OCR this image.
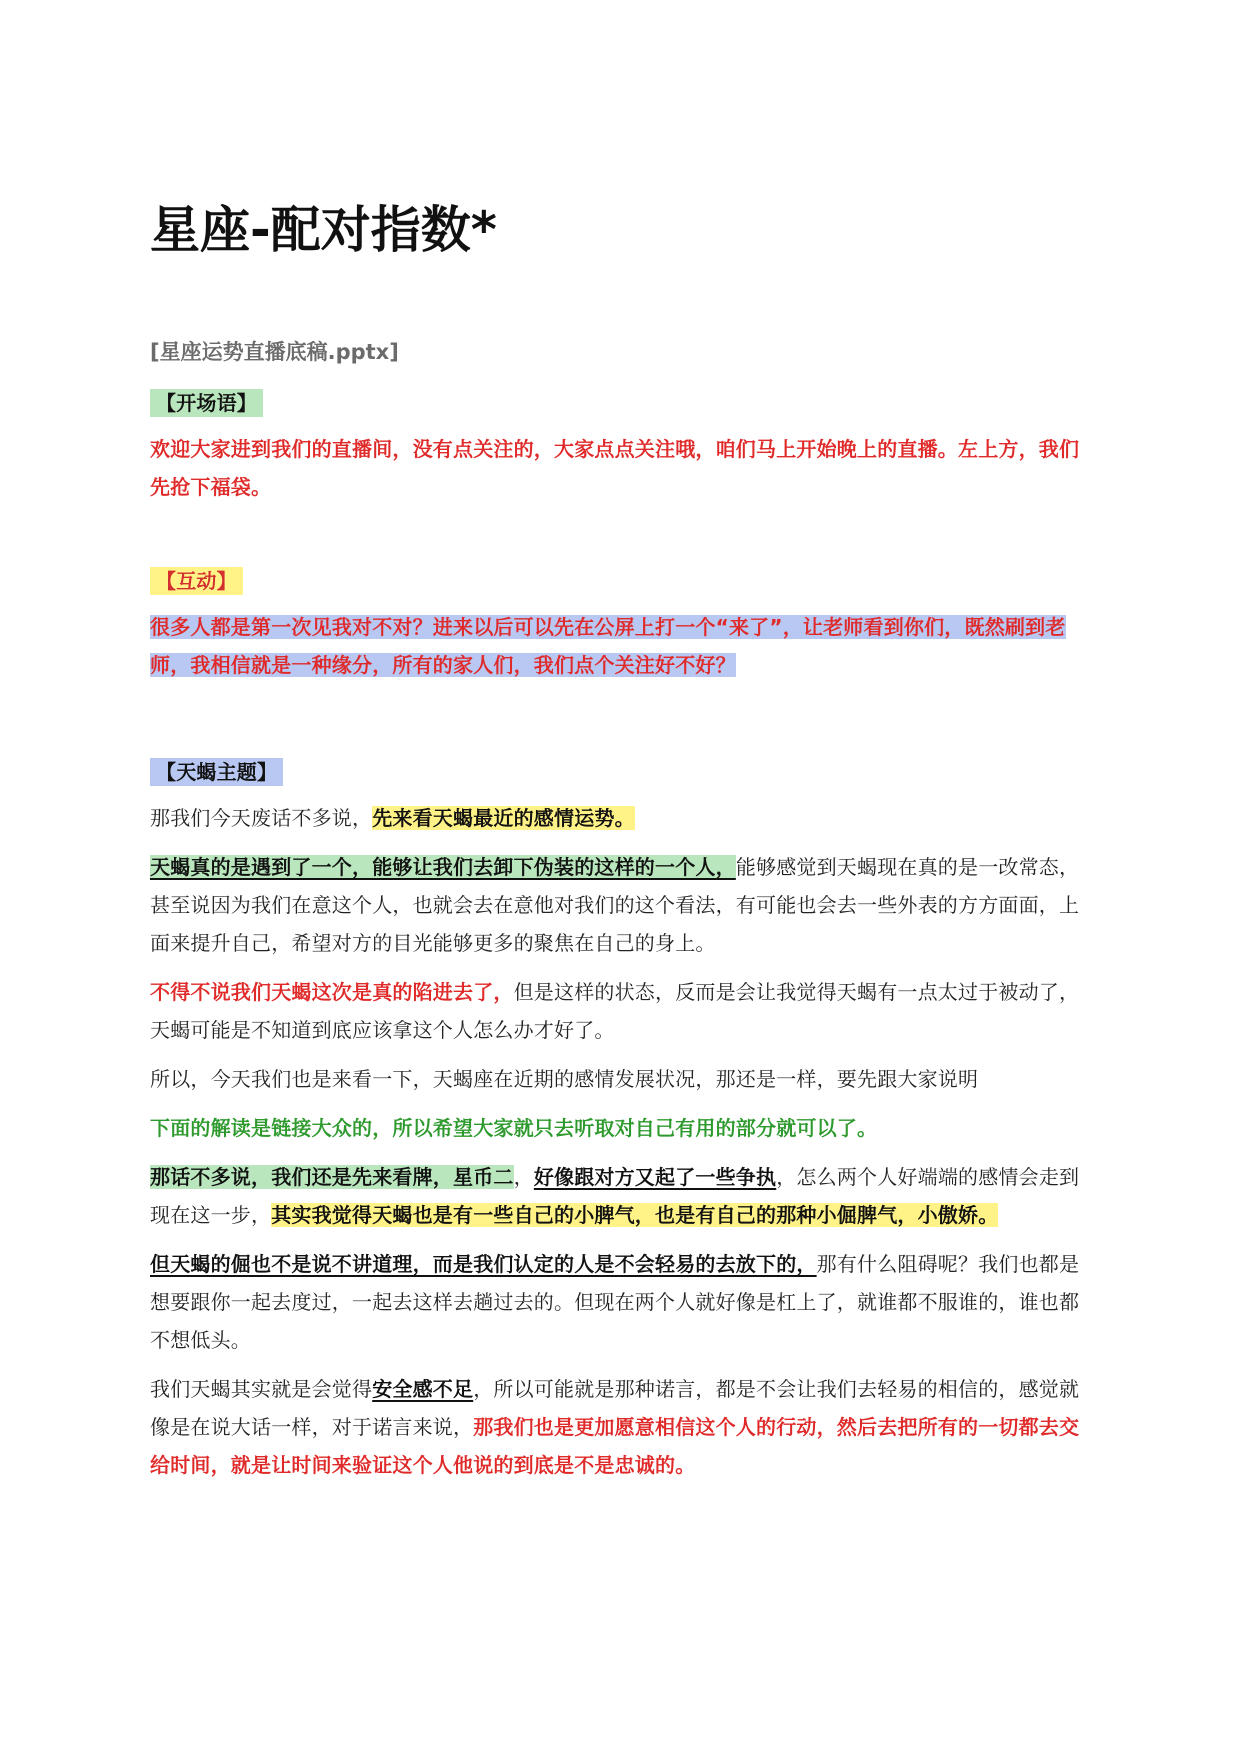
星座-配对指数*
[星座运势直播底稿.pptx]

【开场语】

欢迎大家进到我们的直播间，没有点关注的，大家点点关注哦，咱们马上开始晚上的直播。左上方，我们先抢下福袋。

【互动】

很多人都是第一次见我对不对？进来以后可以先在公屏上打一个“来了”，让老师看到你们，既然刷到老师，我相信就是一种缘分，所有的家人们，我们点个关注好不好？

【天蝎主题】

那我们今天废话不多说，先来看天蝎最近的感情运势。

天蝎真的是遇到了一个，能够让我们去卸下伪装的这样的一个人，能够感觉到天蝎现在真的是一改常态，甚至说因为我们在意这个人，也就会去在意他对我们的这个看法，有可能也会去一些外表的方方面面，上面来提升自己，希望对方的目光能够更多的聚焦在自己的身上。

不得不说我们天蝎这次是真的陷进去了，但是这样的状态，反而是会让我觉得天蝎有一点太过于被动了，天蝎可能是不知道到底应该拿这个人怎么办才好了。

所以，今天我们也是来看一下，天蝎座在近期的感情发展状况，那还是一样，要先跟大家说明

下面的解读是链接大众的，所以希望大家就只去听取对自己有用的部分就可以了。

那话不多说，我们还是先来看牌，星币二，好像跟对方又起了一些争执，怎么两个人好端端的感情会走到现在这一步，其实我觉得天蝎也是有一些自己的小脾气，也是有自己的那种小倔脾气，小傲娇。

但天蝎的倔也不是说不讲道理，而是我们认定的人是不会轻易的去放下的，那有什么阻碍呢？我们也都是想要跟你一起去度过，一起去这样去趟过去的。但现在两个人就好像是杠上了，就谁都不服谁的，谁也都不想低头。

我们天蝎其实就是会觉得安全感不足，所以可能就是那种诺言，都是不会让我们去轻易的相信的，感觉就像是在说大话一样，对于诺言来说，那我们也是更加愿意相信这个人的行动，然后去把所有的一切都去交给时间，就是让时间来验证这个人他说的到底是不是忠诚的。
